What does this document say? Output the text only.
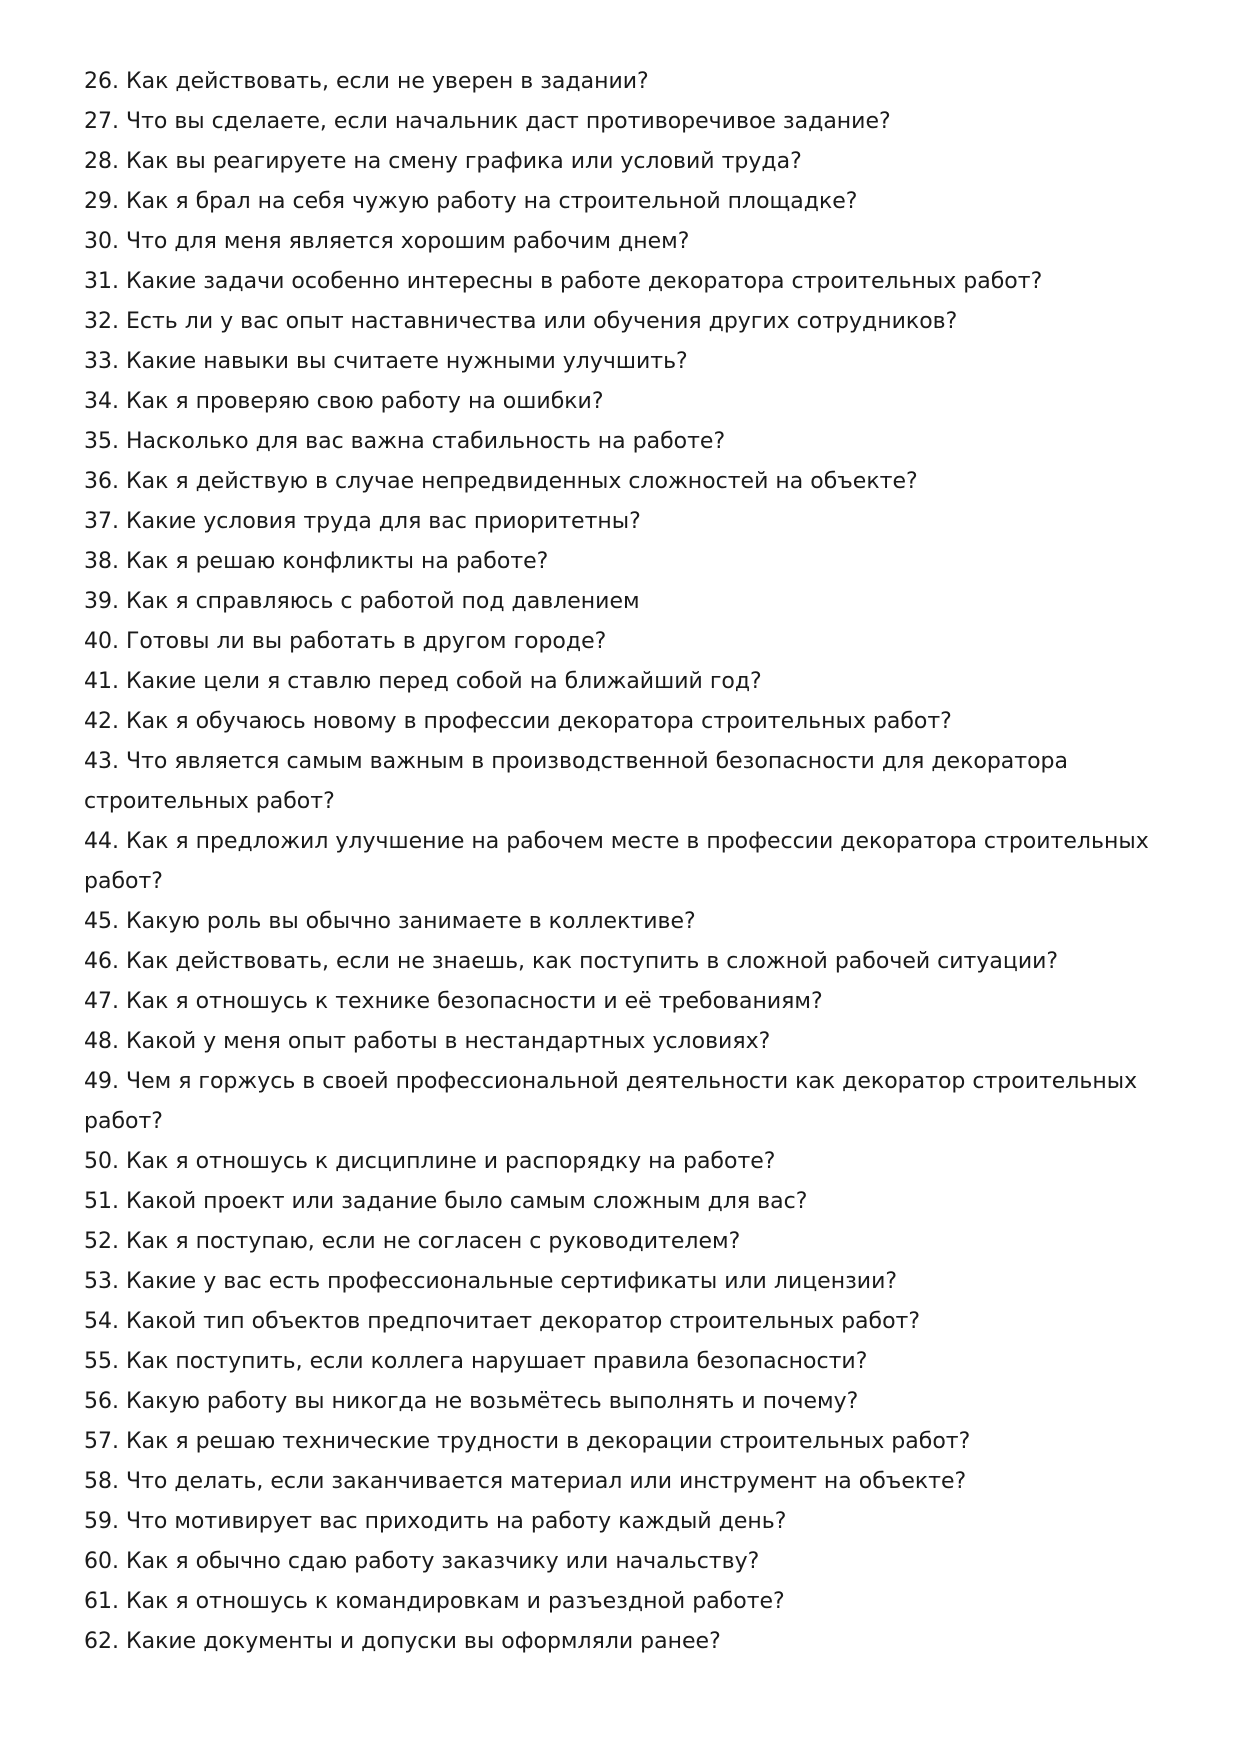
26. Как действовать, если не уверен в задании?
27. Что вы сделаете, если начальник даст противоречивое задание?
28. Как вы реагируете на смену графика или условий труда?
29. Как я брал на себя чужую работу на строительной площадке?
30. Что для меня является хорошим рабочим днем?
31. Какие задачи особенно интересны в работе декоратора строительных работ?
32. Есть ли у вас опыт наставничества или обучения других сотрудников?
33. Какие навыки вы считаете нужными улучшить?
34. Как я проверяю свою работу на ошибки?
35. Насколько для вас важна стабильность на работе?
36. Как я действую в случае непредвиденных сложностей на объекте?
37. Какие условия труда для вас приоритетны?
38. Как я решаю конфликты на работе?
39. Как я справляюсь с работой под давлением
40. Готовы ли вы работать в другом городе?
41. Какие цели я ставлю перед собой на ближайший год?
42. Как я обучаюсь новому в профессии декоратора строительных работ?
43. Что является самым важным в производственной безопасности для декоратора строительных работ?
44. Как я предложил улучшение на рабочем месте в профессии декоратора строительных работ?
45. Какую роль вы обычно занимаете в коллективе?
46. Как действовать, если не знаешь, как поступить в сложной рабочей ситуации?
47. Как я отношусь к технике безопасности и её требованиям?
48. Какой у меня опыт работы в нестандартных условиях?
49. Чем я горжусь в своей профессиональной деятельности как декоратор строительных работ?
50. Как я отношусь к дисциплине и распорядку на работе?
51. Какой проект или задание было самым сложным для вас?
52. Как я поступаю, если не согласен с руководителем?
53. Какие у вас есть профессиональные сертификаты или лицензии?
54. Какой тип объектов предпочитает декоратор строительных работ?
55. Как поступить, если коллега нарушает правила безопасности?
56. Какую работу вы никогда не возьмётесь выполнять и почему?
57. Как я решаю технические трудности в декорации строительных работ?
58. Что делать, если заканчивается материал или инструмент на объекте?
59. Что мотивирует вас приходить на работу каждый день?
60. Как я обычно сдаю работу заказчику или начальству?
61. Как я отношусь к командировкам и разъездной работе?
62. Какие документы и допуски вы оформляли ранее?
